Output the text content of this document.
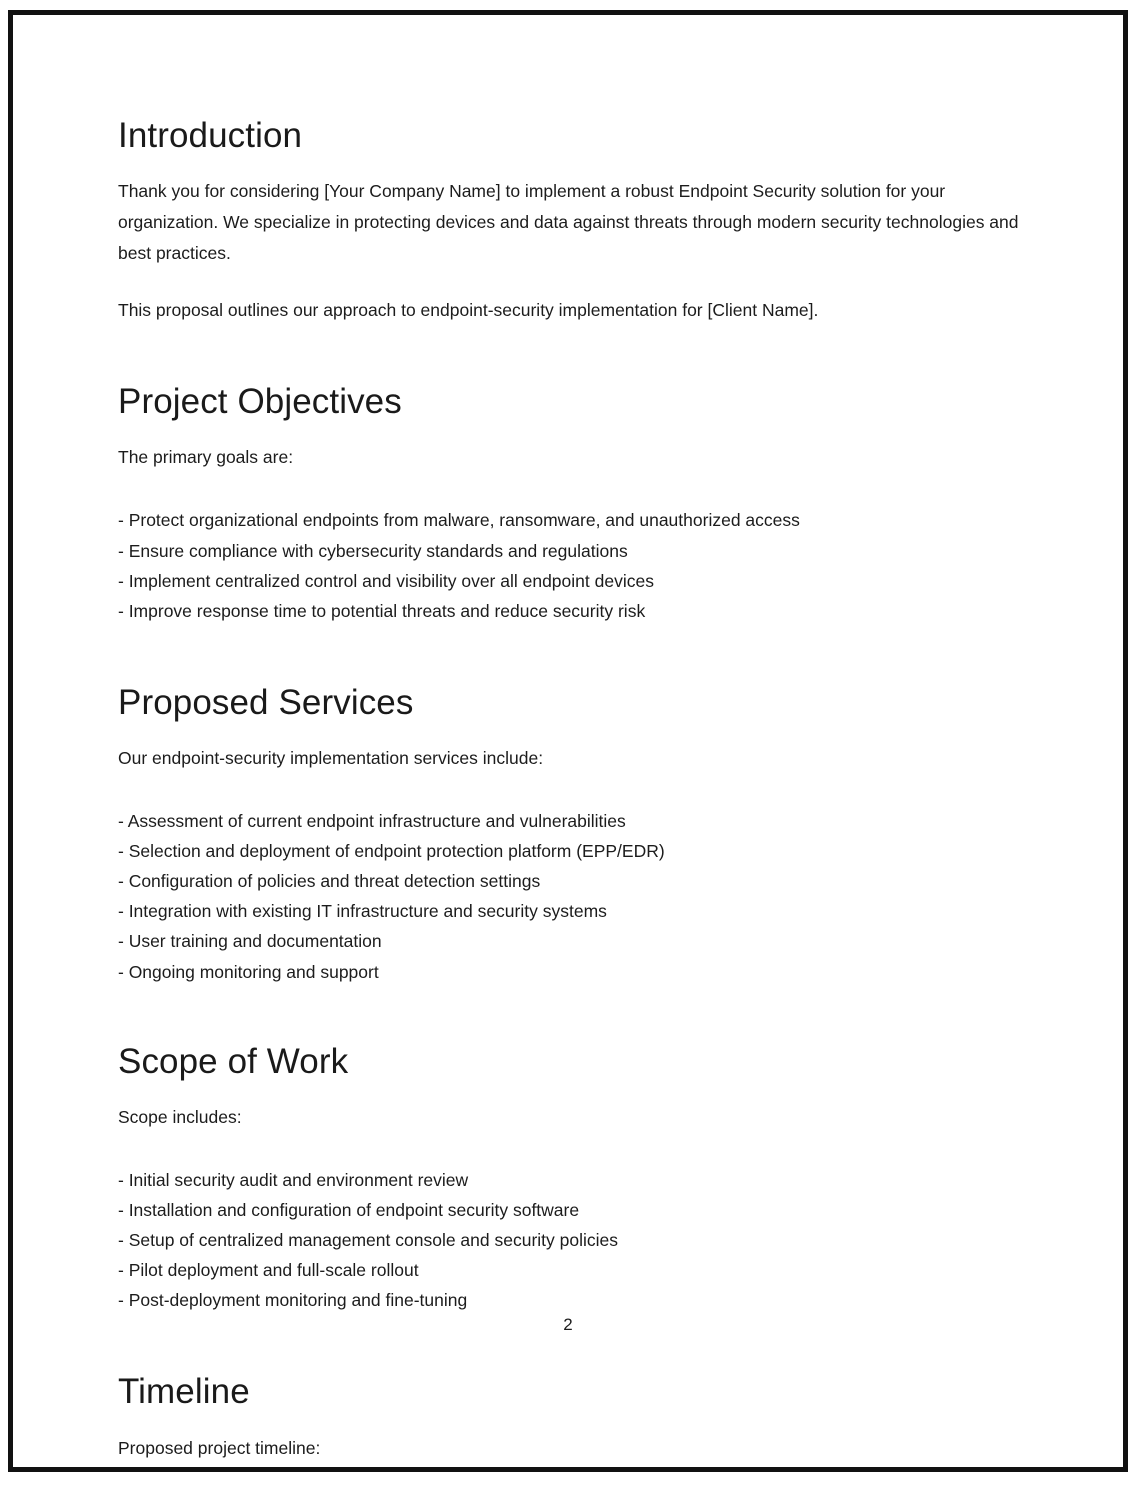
Introduction

Thank you for considering [Your Company Name] to implement a robust Endpoint Security solution for your organization. We specialize in protecting devices and data against threats through modern security technologies and best practices.

This proposal outlines our approach to endpoint-security implementation for [Client Name].

Project Objectives

The primary goals are:

- Protect organizational endpoints from malware, ransomware, and unauthorized access
- Ensure compliance with cybersecurity standards and regulations
- Implement centralized control and visibility over all endpoint devices
- Improve response time to potential threats and reduce security risk
Proposed Services

Our endpoint-security implementation services include:

- Assessment of current endpoint infrastructure and vulnerabilities
- Selection and deployment of endpoint protection platform (EPP/EDR)
- Configuration of policies and threat detection settings
- Integration with existing IT infrastructure and security systems
- User training and documentation
- Ongoing monitoring and support
Scope of Work

Scope includes:

- Initial security audit and environment review
- Installation and configuration of endpoint security software
- Setup of centralized management console and security policies
- Pilot deployment and full-scale rollout
- Post-deployment monitoring and fine-tuning
Timeline

Proposed project timeline:

2
